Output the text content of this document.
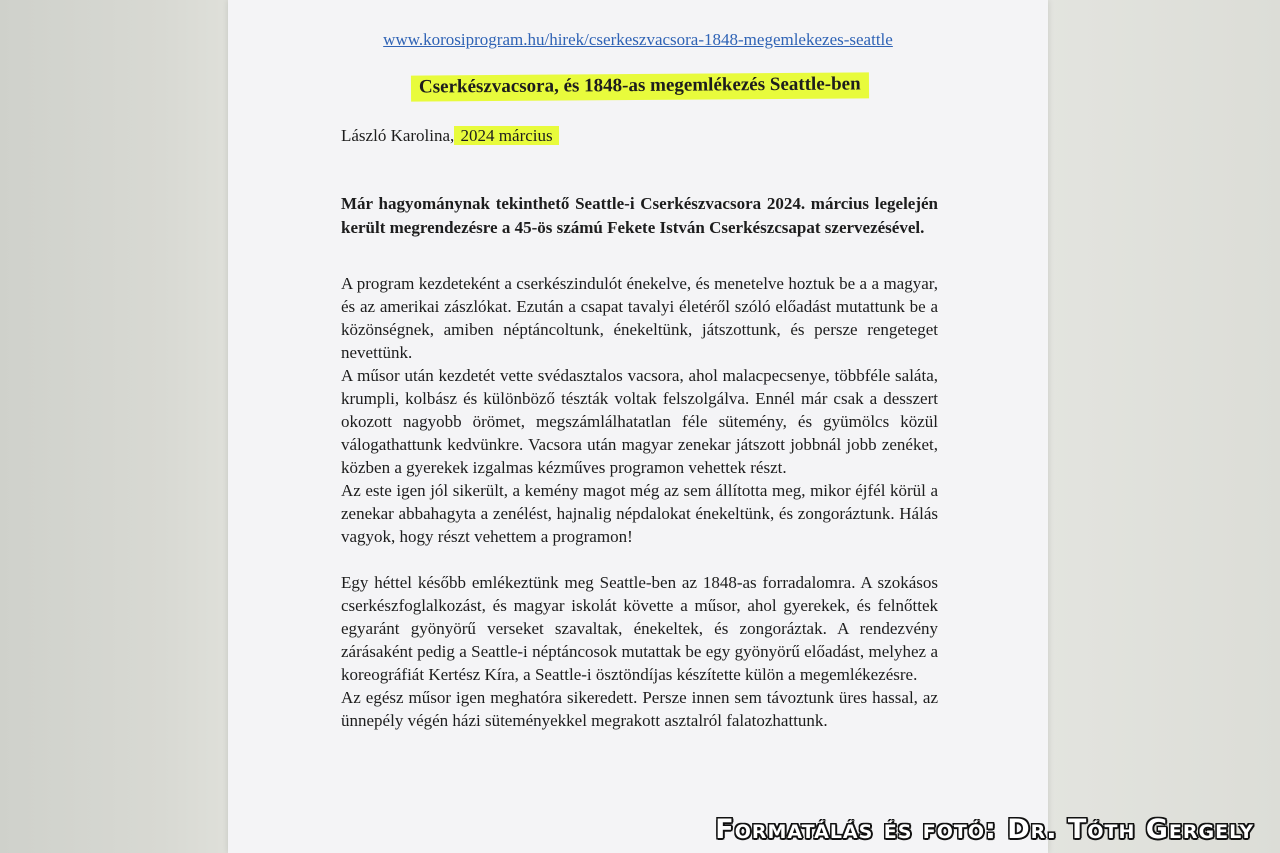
www.korosiprogram.hu/hirek/cserkeszvacsora-1848-megemlekezes-seattle
Cserkészvacsora, és 1848-as megemlékezés Seattle-ben
László Karolina, 2024 március

Már hagyománynak tekinthető Seattle-i Cserkészvacsora 2024. március legelején került megrendezésre a 45-ös számú Fekete István Cserkészcsapat szervezésével.

A program kezdeteként a cserkészindulót énekelve, és menetelve hoztuk be a a magyar, és az amerikai zászlókat. Ezután a csapat tavalyi életéről szóló előadást mutattunk be a közönségnek, amiben néptáncoltunk, énekeltünk, játszottunk, és persze rengeteget nevettünk.

A műsor után kezdetét vette svédasztalos vacsora, ahol malacpecsenye, többféle saláta, krumpli, kolbász és különböző tészták voltak felszolgálva. Ennél már csak a desszert okozott nagyobb örömet, megszámlálhatatlan féle sütemény, és gyümölcs közül válogathattunk kedvünkre. Vacsora után magyar zenekar játszott jobbnál jobb zenéket, közben a gyerekek izgalmas kézműves programon vehettek részt.

Az este igen jól sikerült, a kemény magot még az sem állította meg, mikor éjfél körül a zenekar abbahagyta a zenélést, hajnalig népdalokat énekeltünk, és zongoráztunk. Hálás vagyok, hogy részt vehettem a programon!

Egy héttel később emlékeztünk meg Seattle-ben az 1848-as forradalomra. A szokásos cserkészfoglalkozást, és magyar iskolát követte a műsor, ahol gyerekek, és felnőttek egyaránt gyönyörű verseket szavaltak, énekeltek, és zongoráztak. A rendezvény zárásaként pedig a Seattle-i néptáncosok mutattak be egy gyönyörű előadást, melyhez a koreográfiát Kertész Kíra, a Seattle-i ösztöndíjas készítette külön a megemlékezésre.

Az egész műsor igen meghatóra sikeredett. Persze innen sem távoztunk üres hassal, az ünnepély végén házi süteményekkel megrakott asztalról falatozhattunk.

Formatálás és fotó: Dr. Tóth Gergely
